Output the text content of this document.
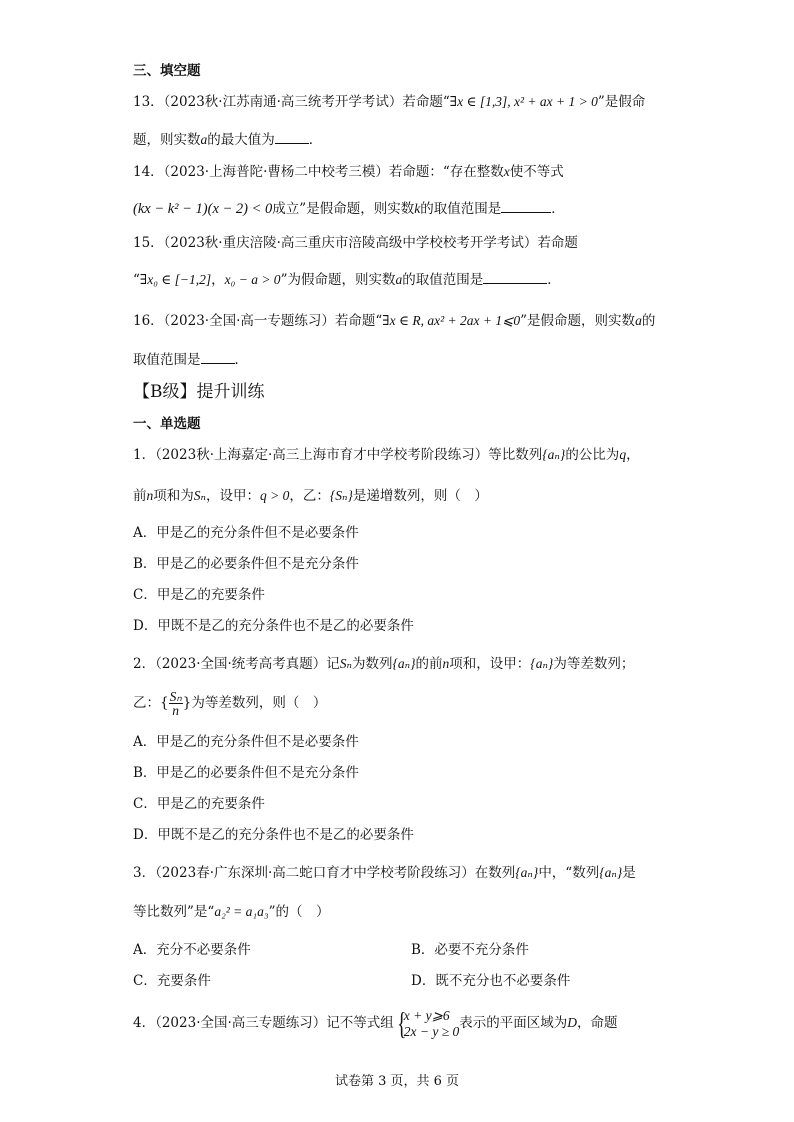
三、填空题
13．（2023秋·江苏南通·高三统考开学考试）若命题“∃x ∈ [1,3], x² + ax + 1 > 0”是假命
题，则实数a的最大值为	．
14．（2023·上海普陀·曹杨二中校考三模）若命题：“存在整数x使不等式
(kx − k² − 1)(x − 2) < 0成立”是假命题，则实数k的取值范围是	．
15．（2023秋·重庆涪陵·高三重庆市涪陵高级中学校校考开学考试）若命题
“∃x₀ ∈ [−1,2]，x₀ − a > 0”为假命题，则实数a的取值范围是	．
16．（2023·全国·高一专题练习）若命题“∃x ∈ R, ax² + 2ax + 1⩽0”是假命题，则实数a的
取值范围是	．
【B级】提升训练
一、单选题
1．（2023秋·上海嘉定·高三上海市育才中学校考阶段练习）等比数列{aₙ}的公比为q，
前n项和为Sₙ，设甲：q > 0，乙：{Sₙ}是递增数列，则（　）
A．甲是乙的充分条件但不是必要条件
B．甲是乙的必要条件但不是充分条件
C．甲是乙的充要条件
D．甲既不是乙的充分条件也不是乙的必要条件
2．（2023·全国·统考高考真题）记Sₙ为数列{aₙ}的前n项和，设甲：{aₙ}为等差数列；
乙：{ $\frac{\text{Sₙ}}{n}$ }为等差数列，则（　）
A．甲是乙的充分条件但不是必要条件
B．甲是乙的必要条件但不是充分条件
C．甲是乙的充要条件
D．甲既不是乙的充分条件也不是乙的必要条件
3．（2023春·广东深圳·高二蛇口育才中学校考阶段练习）在数列{aₙ}中，“数列{aₙ}是
等比数列”是“a₂² = a₁a₃”的（　）
A．充分不必要条件	B．必要不充分条件
C．充要条件	D．既不充分也不必要条件
4．（2023·全国·高三专题练习）记不等式组 {
x + y⩾6
2x − y ≥ 0 表示的平面区域为D，命题
试卷第 3 页，共 6 页
